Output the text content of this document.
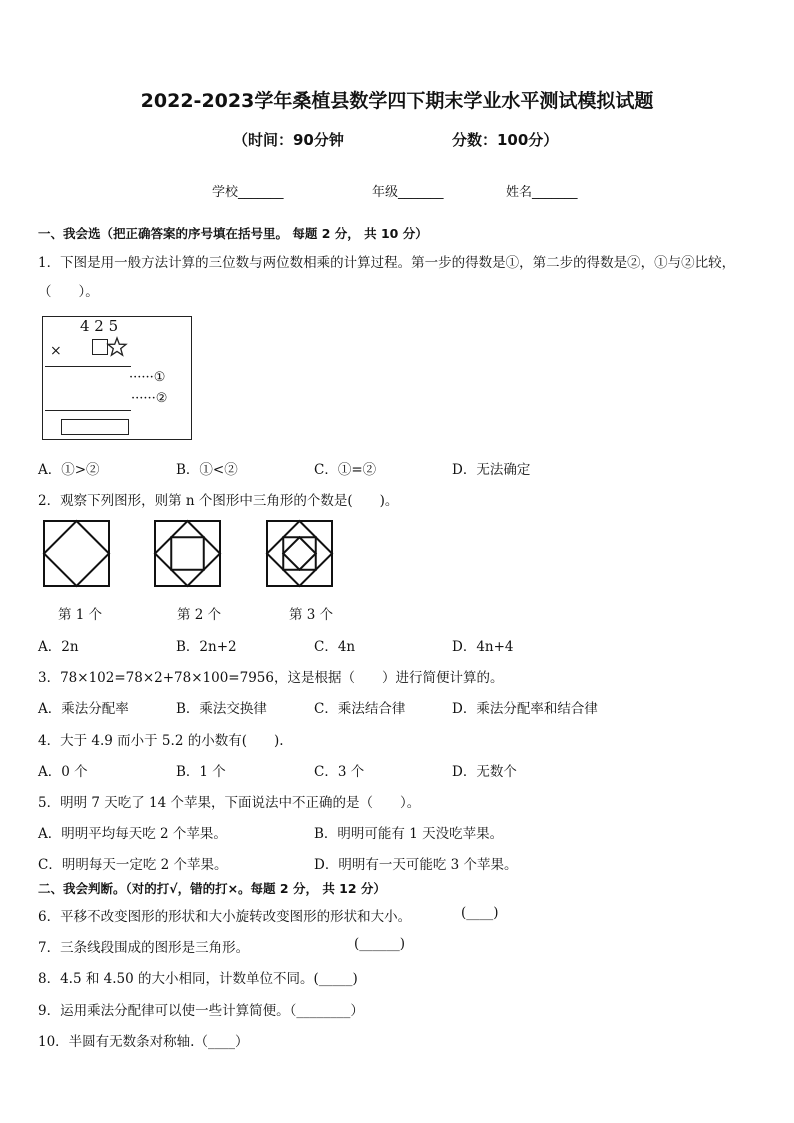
2022-2023学年桑植县数学四下期末学业水平测试模拟试题
（时间：90分钟	分数：100分）
学校_______	年级_______	姓名_______
一、我会选（把正确答案的序号填在括号里。 每题 2 分， 共 10 分）
1．下图是用一般方法计算的三位数与两位数相乘的计算过程。第一步的得数是①，第二步的得数是②，①与②比较，
（　　）。
4 2 5
×
······①
······②
A．①>②	B．①<②	C．①=②	D．无法确定
2．观察下列图形，则第 n 个图形中三角形的个数是(　　)。
第 1 个	第 2 个	第 3 个
A．2n	B．2n+2	C．4n	D．4n+4
3．78×102=78×2+78×100=7956，这是根据（　　）进行简便计算的。
A．乘法分配率	B．乘法交换律	C．乘法结合律	D．乘法分配率和结合律
4．大于 4.9 而小于 5.2 的小数有(　　).
A．0 个	B．1 个	C．3 个	D．无数个
5．明明 7 天吃了 14 个苹果，下面说法中不正确的是（　　）。
A．明明平均每天吃 2 个苹果。	B．明明可能有 1 天没吃苹果。
C．明明每天一定吃 2 个苹果。	D．明明有一天可能吃 3 个苹果。
二、我会判断。（对的打√，错的打×。每题 2 分， 共 12 分）
6．平移不改变图形的形状和大小旋转改变图形的形状和大小。	(____)
7．三条线段围成的图形是三角形。	(______)
8．4.5 和 4.50 的大小相同，计数单位不同。(_____)
9．运用乘法分配律可以使一些计算简便。（________）
10．半圆有无数条对称轴.（____）
